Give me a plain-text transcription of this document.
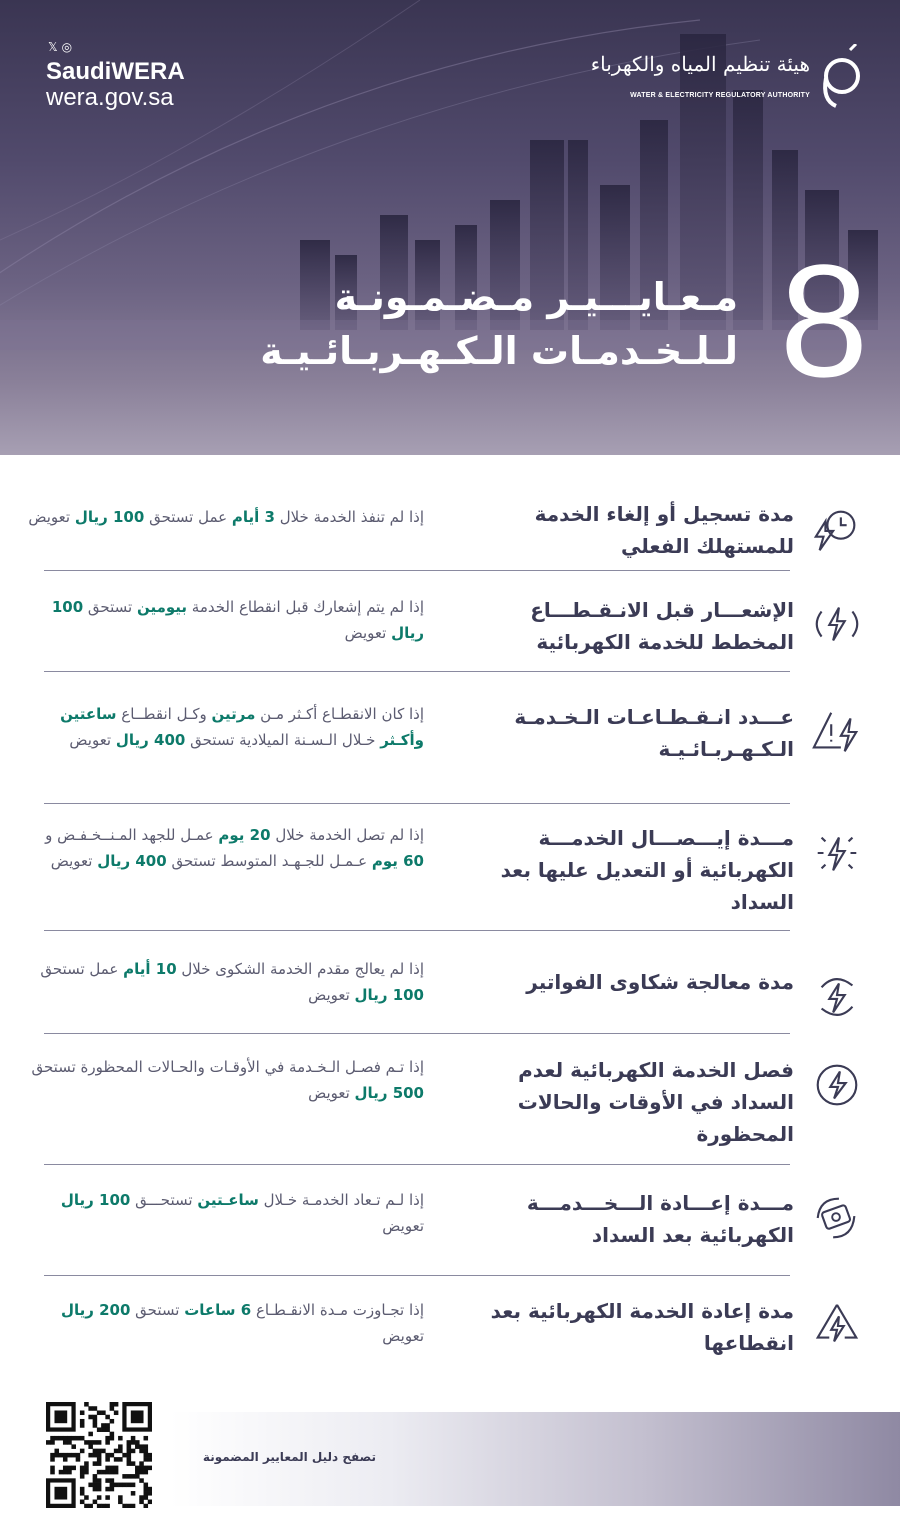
𝕏◎
SaudiWERA
wera.gov.sa
هيئة تنظيم المياه والكهرباء
WATER & ELECTRICITY REGULATORY AUTHORITY
8
مـعـايـــيـر مـضـمـونـة
لـلـخـدمـات الـكـهـربـائـيـة
مدة تسجيل أو إلغاء الخدمة للمستهلك الفعلي
إذا لم تنفذ الخدمة خلال 3 أيام عمل تستحق 100 ريال تعويض
الإشعـــار قبل الانـقـطـــاع المخطط للخدمة الكهربائية
إذا لم يتم إشعارك قبل انقطاع الخدمة بيومين تستحق 100 ريال تعويض
عـــدد انـقـطـاعـات الـخـدمـة الـكـهـربـائـيـة
إذا كان الانقطـاع أكـثر مـن مرتين وكـل انقطــاع ساعتين وأكـثر خـلال الـسـنة الميلادية تستحق 400 ريال تعويض
مـــدة إيـــصـــال الخدمـــة الكهربائية أو التعديل عليها بعد السداد
إذا لم تصل الخدمة خلال 20 يوم عمـل للجهد المـنــخـفـض و 60 يوم عـمـل للجـهـد المتوسط تستحق 400 ريال تعويض
مدة معالجة شكاوى الفواتير
إذا لم يعالج مقدم الخدمة الشكوى خلال 10 أيام عمل تستحق 100 ريال تعويض
فصل الخدمة الكهربائية لعدم السداد في الأوقات والحالات المحظورة
إذا تـم فصـل الـخـدمة في الأوقـات والحـالات المحظورة تستحق 500 ريال تعويض
مـــدة إعـــادة الـــخـــدمـــة الكهربائية بعد السداد
إذا لـم تـعاد الخدمـة خـلال ساعـتين تستحـــق 100 ريال تعويض
مدة إعادة الخدمة الكهربائية بعد انقطاعها
إذا تجـاوزت مـدة الانقـطـاع 6 ساعات تستحق 200 ريال تعويض
تصفح دليل المعايير المضمونة
